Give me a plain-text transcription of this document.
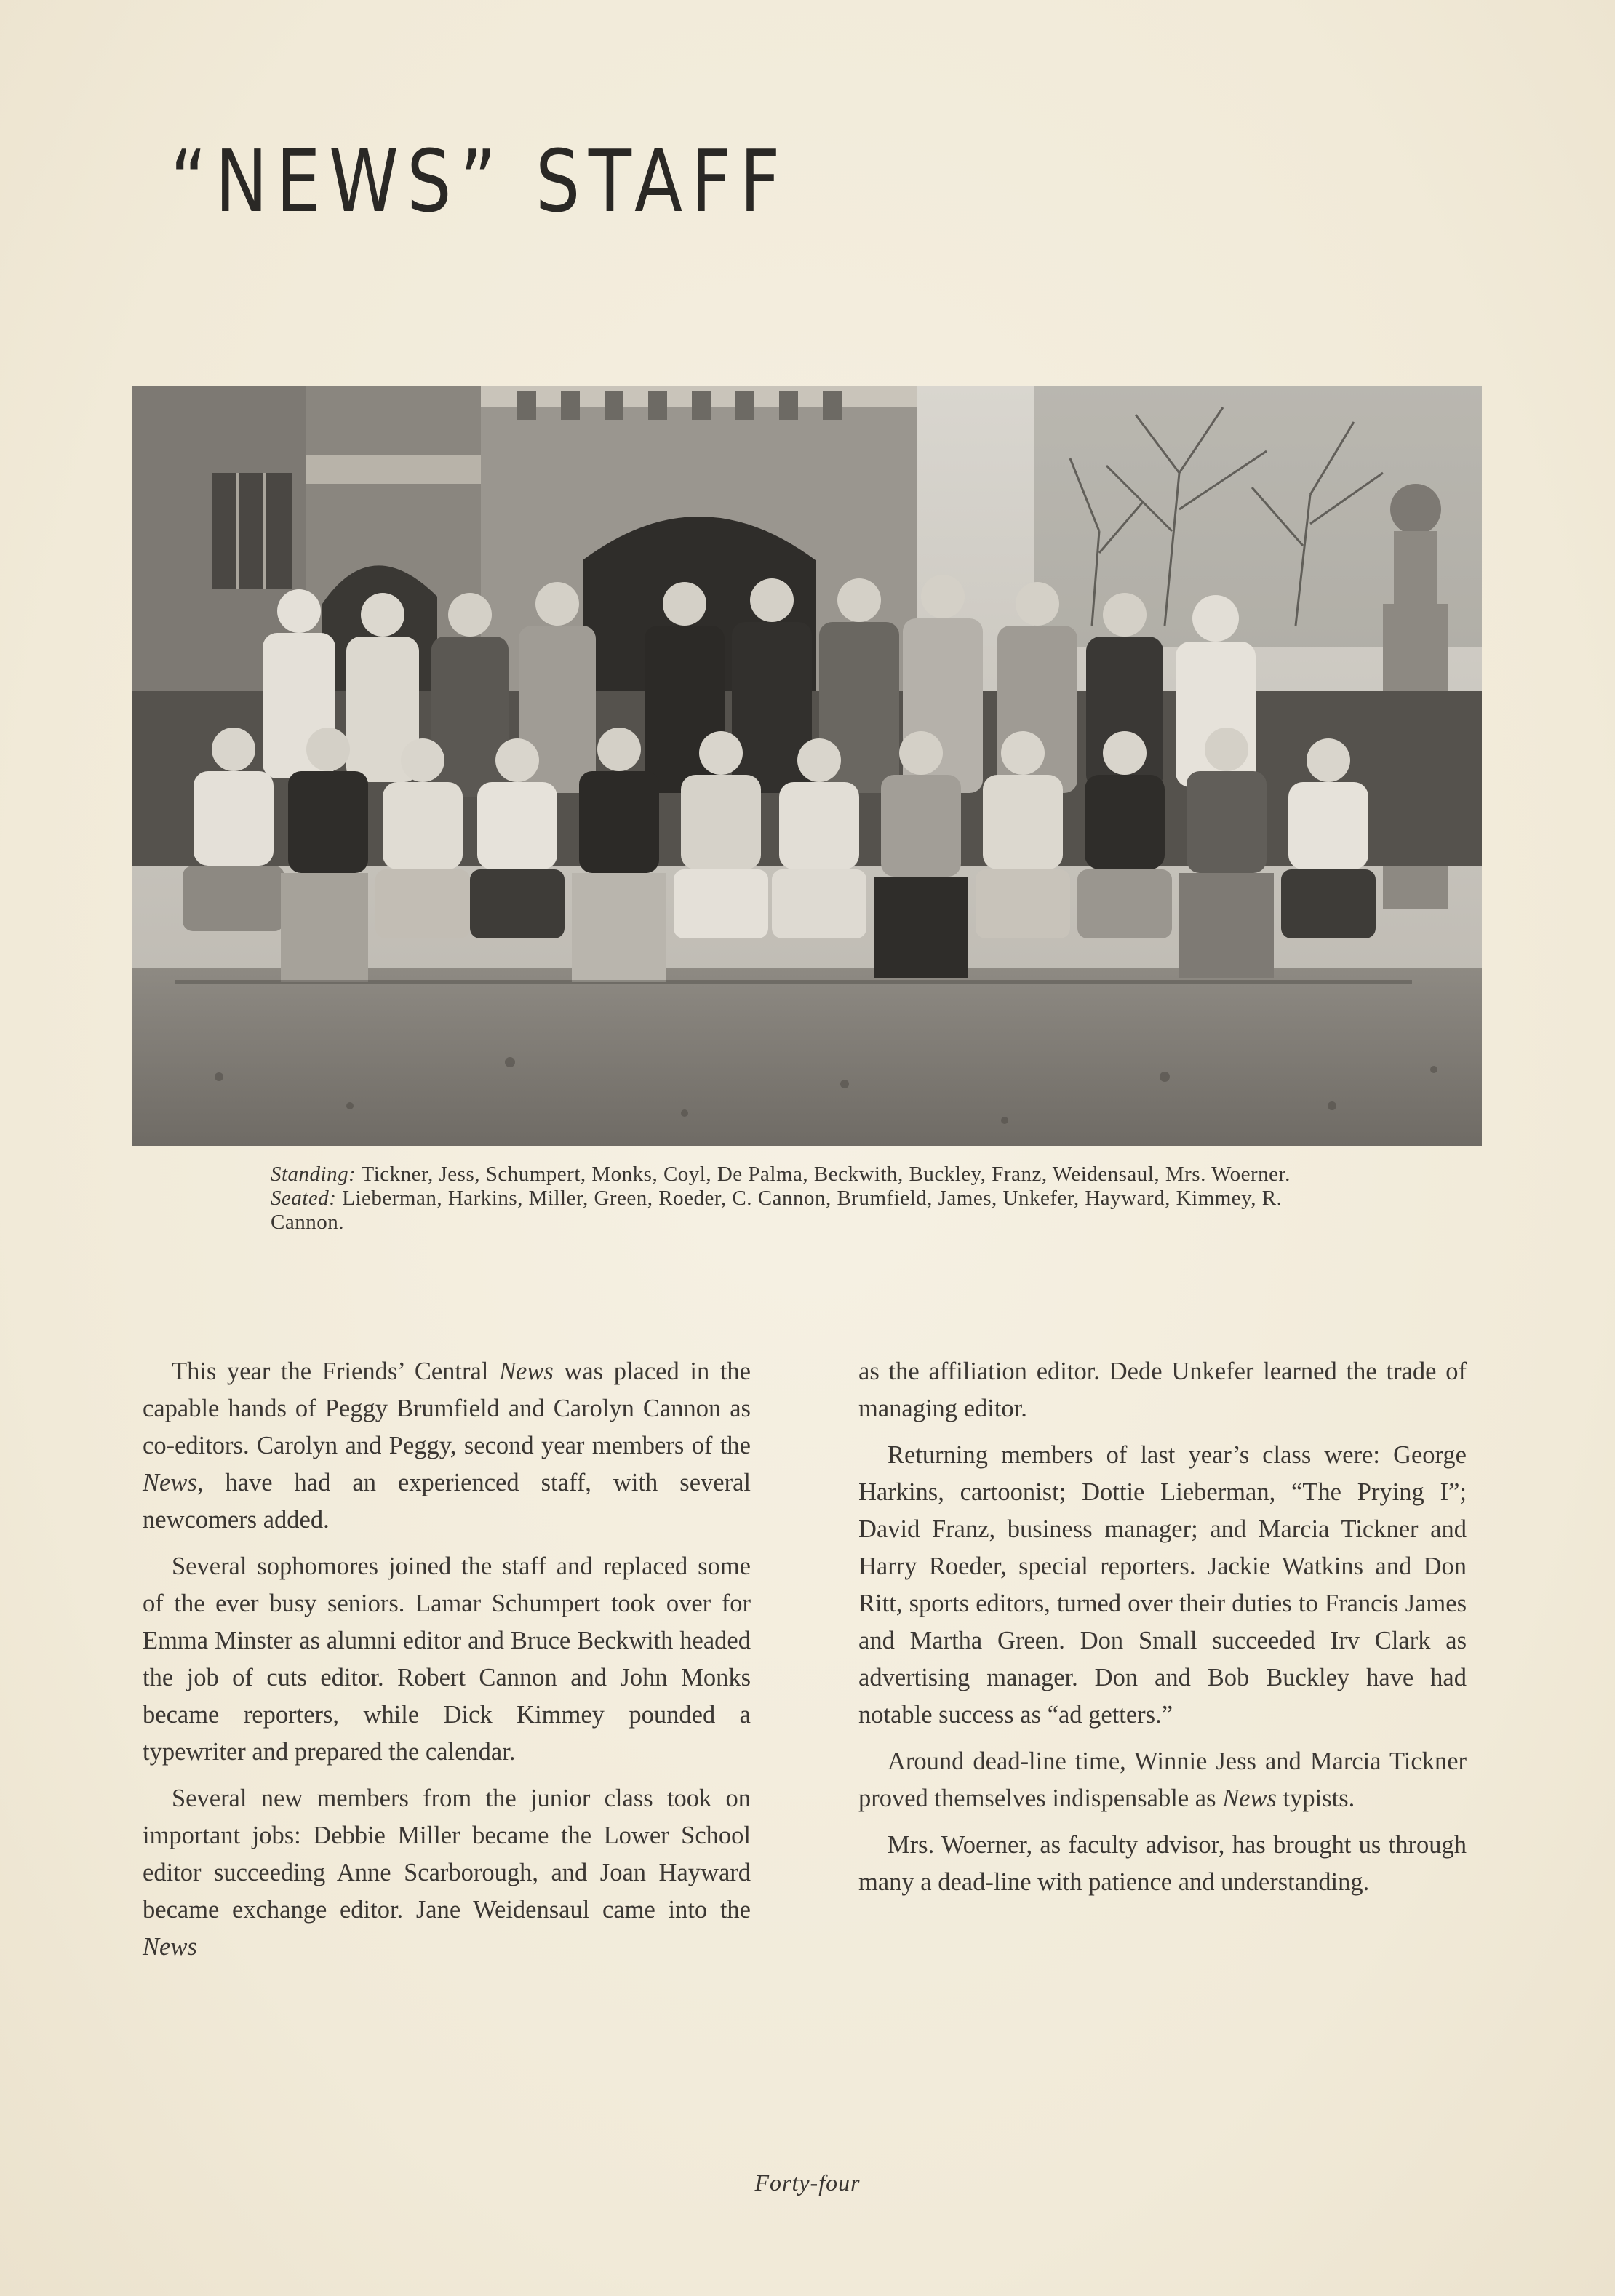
“NEWS” STAFF
Standing: Tickner, Jess, Schumpert, Monks, Coyl, De Palma, Beckwith, Buckley, Franz, Weidensaul, Mrs. Woerner. Seated: Lieberman, Harkins, Miller, Green, Roeder, C. Cannon, Brumfield, James, Unkefer, Hayward, Kimmey, R. Cannon.

This year the Friends’ Central News was placed in the capable hands of Peggy Brumfield and Carolyn Cannon as co-editors. Carolyn and Peggy, second year members of the News, have had an experienced staff, with several newcomers added.

Several sophomores joined the staff and replaced some of the ever busy seniors. Lamar Schumpert took over for Emma Minster as alumni editor and Bruce Beckwith headed the job of cuts editor. Robert Cannon and John Monks became reporters, while Dick Kimmey pounded a typewriter and prepared the calendar.

Several new members from the junior class took on important jobs: Debbie Miller became the Lower School editor succeeding Anne Scarborough, and Joan Hayward became exchange editor. Jane Weidensaul came into the News

as the affiliation editor. Dede Unkefer learned the trade of managing editor.

Returning members of last year’s class were: George Harkins, cartoonist; Dottie Lieberman, “The Prying I”; David Franz, business manager; and Marcia Tickner and Harry Roeder, special reporters. Jackie Watkins and Don Ritt, sports editors, turned over their duties to Francis James and Martha Green. Don Small succeeded Irv Clark as advertising manager. Don and Bob Buckley have had notable success as “ad getters.”

Around dead-line time, Winnie Jess and Marcia Tickner proved themselves indispensable as News typists.

Mrs. Woerner, as faculty advisor, has brought us through many a dead-line with patience and understanding.

Forty-four
